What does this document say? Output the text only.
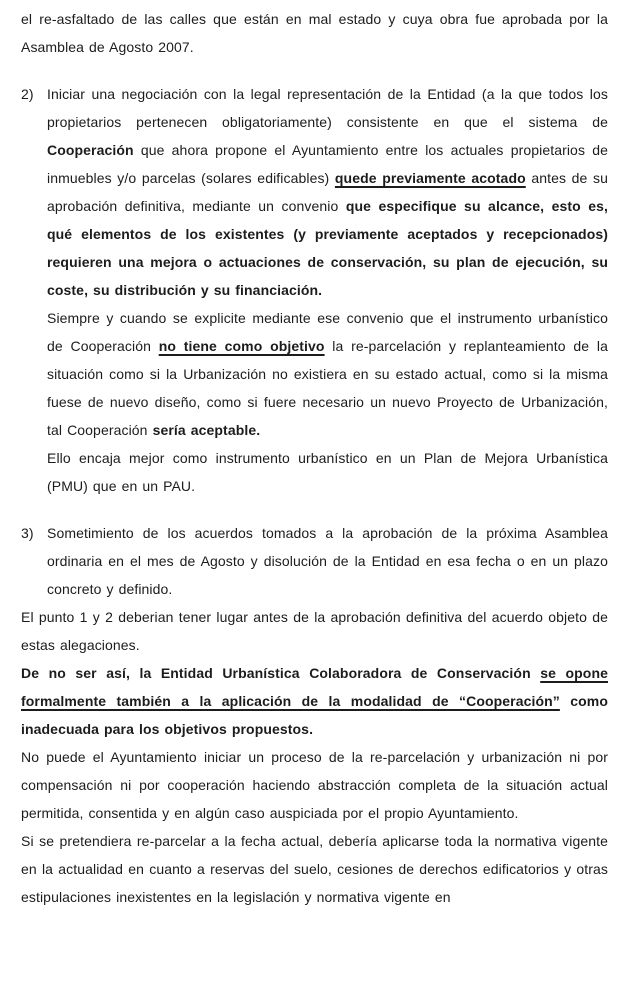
el re-asfaltado de las calles que están en mal estado y cuya obra fue aprobada por la Asamblea de Agosto 2007.

2) Iniciar una negociación con la legal representación de la Entidad (a la que todos los propietarios pertenecen obligatoriamente) consistente en que el sistema de Cooperación que ahora propone el Ayuntamiento entre los actuales propietarios de inmuebles y/o parcelas (solares edificables) quede previamente acotado antes de su aprobación definitiva, mediante un convenio que especifique su alcance, esto es, qué elementos de los existentes (y previamente aceptados y recepcionados) requieren una mejora o actuaciones de conservación, su plan de ejecución, su coste, su distribución y su financiación.

Siempre y cuando se explicite mediante ese convenio que el instrumento urbanístico de Cooperación no tiene como objetivo la re-parcelación y replanteamiento de la situación como si la Urbanización no existiera en su estado actual, como si la misma fuese de nuevo diseño, como si fuere necesario un nuevo Proyecto de Urbanización, tal Cooperación sería aceptable.

Ello encaja mejor como instrumento urbanístico en un Plan de Mejora Urbanística (PMU) que en un PAU.

3) Sometimiento de los acuerdos tomados a la aprobación de la próxima Asamblea ordinaria en el mes de Agosto y disolución de la Entidad en esa fecha o en un plazo concreto y definido.

El punto 1 y 2 deberian tener lugar antes de la aprobación definitiva del acuerdo objeto de estas alegaciones.

De no ser así, la Entidad Urbanística Colaboradora de Conservación se opone formalmente también a la aplicación de la modalidad de “Cooperación” como inadecuada para los objetivos propuestos.

No puede el Ayuntamiento iniciar un proceso de la re-parcelación y urbanización ni por compensación ni por cooperación haciendo abstracción completa de la situación actual permitida, consentida y en algún caso auspiciada por el propio Ayuntamiento.

Si se pretendiera re-parcelar a la fecha actual, debería aplicarse toda la normativa vigente en la actualidad en cuanto a reservas del suelo, cesiones de derechos edificatorios y otras estipulaciones inexistentes en la legislación y normativa vigente en
